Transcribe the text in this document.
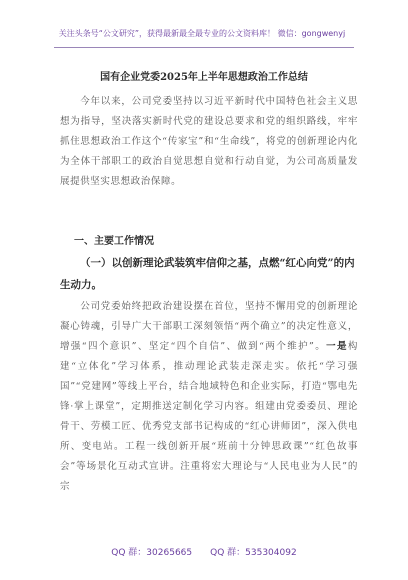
关注头条号“公文研究”，获得最新最全最专业的公文资料库！ 微信：gongwenyj
国有企业党委2025年上半年思想政治工作总结
今年以来，公司党委坚持以习近平新时代中国特色社会主义思想为指导，坚决落实新时代党的建设总要求和党的组织路线，牢牢抓住思想政治工作这个“传家宝”和“生命线”，将党的创新理论内化为全体干部职工的政治自觉思想自觉和行动自觉，为公司高质量发展提供坚实思想政治保障。
一、主要工作情况
（一）以创新理论武装筑牢信仰之基，点燃“红心向党”的内生动力。
公司党委始终把政治建设摆在首位，坚持不懈用党的创新理论凝心铸魂，引导广大干部职工深刻领悟“两个确立”的决定性意义，增强“四个意识”、坚定“四个自信”、做到“两个维护”。一是构建“立体化”学习体系，推动理论武装走深走实。依托“学习强国”“党建网”等线上平台，结合地域特色和企业实际，打造“鄂电先锋·掌上课堂”，定期推送定制化学习内容。组建由党委委员、理论骨干、劳模工匠、优秀党支部书记构成的“红心讲师团”，深入供电所、变电站。工程一线创新开展“班前十分钟思政课”“红色故事会”等场景化互动式宣讲。注重将宏大理论与“人民电业为人民”的宗
QQ 群：30265665 QQ 群：535304092
